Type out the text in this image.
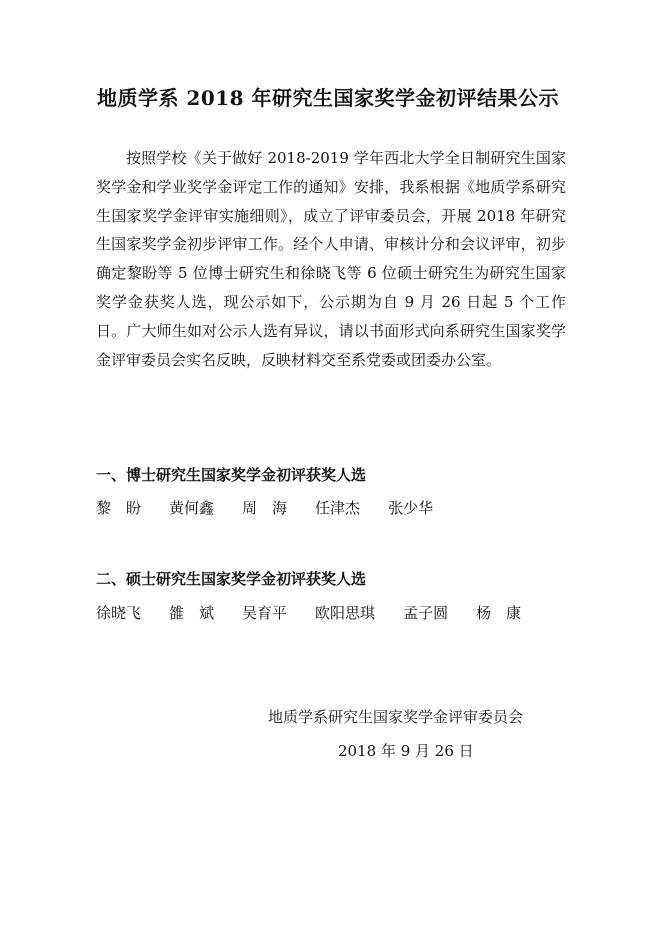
地质学系 2018 年研究生国家奖学金初评结果公示

按照学校《关于做好 2018-2019 学年西北大学全日制研究生国家奖学金和学业奖学金评定工作的通知》安排，我系根据《地质学系研究生国家奖学金评审实施细则》，成立了评审委员会，开展 2018 年研究生国家奖学金初步评审工作。经个人申请、审核计分和会议评审，初步确定黎盼等 5 位博士研究生和徐晓飞等 6 位硕士研究生为研究生国家奖学金获奖人选，现公示如下，公示期为自 9 月 26 日起 5 个工作日。广大师生如对公示人选有异议，请以书面形式向系研究生国家奖学金评审委员会实名反映，反映材料交至系党委或团委办公室。

一、博士研究生国家奖学金初评获奖人选
黎　盼 黄何鑫 周　海 任津杰 张少华
二、硕士研究生国家奖学金初评获奖人选
徐晓飞 雒　斌 吴育平 欧阳思琪 孟子圆 杨　康
地质学系研究生国家奖学金评审委员会
2018 年 9 月 26 日
